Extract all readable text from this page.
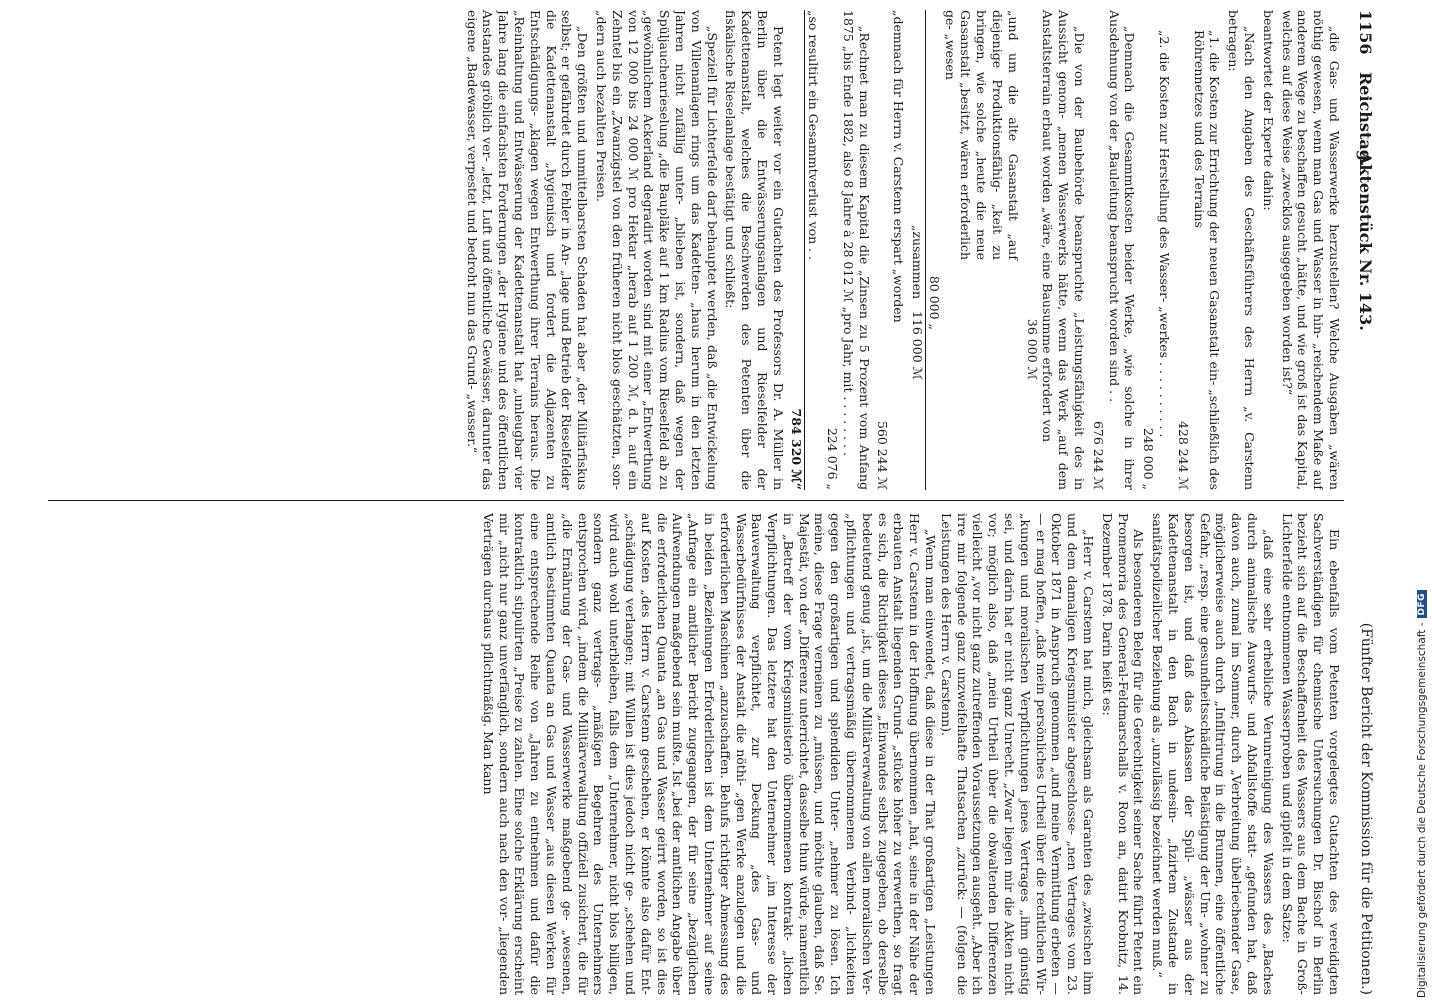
1156
Reichstag.
Aktenstück Nr. 143.
(Fünfter Bericht der Kommission für die Petitionen.)

„die Gas- und Wasserwerke herzustellen? Welche Ausgaben „wären nöthig gewesen, wenn man Gas und Wasser in hin- „reichendem Maße auf anderem Wege zu beschaffen gesucht „hätte, und wie groß ist das Kapital, welches auf diese Weise „zwecklos ausgegeben worden ist?“

beantwortet der Experte dahin:

„Nach den Angaben des Geschäftsführers des Herrn „v. Carstenn betragen:

„1. die Kosten zur Errichtung der neuen Gasanstalt ein- „schließlich des Röhrennetzes und des Terrains

428 244 ℳ

„2. die Kosten zur Herstellung des Wasser- „werkes . . . . . . . . . .

248 000 „

„Demnach die Gesammtkosten beider Werke, „wie solche in ihrer Ausdehnung von der „Bauleitung beansprucht worden sind . .

676 244 ℳ

„Die von der Baubehörde beanspruchte „Leistungsfähigkeit des in Aussicht genom- „menen Wasserwerks hätte, wenn das Werk „auf dem Anstaltsterrain erbaut worden „wäre, eine Bausumme erfordert von

36 000 ℳ

„und um die alte Gasanstalt „auf diejenige Produktionsfähig- „keit zu bringen, wie solche „heute die neue Gasanstalt „besitzt, wären erforderlich ge- „wesen

80 000 „

„zusammen   116 000 ℳ

„demnach für Herrn v. Carstenn erspart „worden

560 244 ℳ

„Rechnet man zu diesem Kapital die „Zinsen zu 5 Prozent vom Anfang 1875 „bis Ende 1882, also 8 Jahre à 28 012 ℳ „pro Jahr, mit . . . . . . . .

224 076 „

„so resultirt ein Gesammtverlust von . .

784 320 ℳ“

Petent legt weiter vor ein Gutachten des Professors Dr. A. Müller in Berlin über die Entwässerungsanlagen und Rieselfelder der Kadettenanstalt, welches die Beschwerden des Petenten über die fiskalische Rieselanlage bestätigt und schließt:

„Speziell für Lichterfelde darf behauptet werden, daß „die Entwickelung von Villenanlagen rings um das Kadetten- „haus herum in den letzten Jahren nicht zufällig unter- „blieben ist, sondern, daß wegen der Spüljauchenrieselung „die Baupläke auf 1 km Radius vom Rieselfeld ab zu „gewöhnlichem Ackerland degradirt worden sind mit einer „Entwerthung von 12 000 bis 24 000 ℳ pro Hektar „herab auf 1 200 ℳ, d. h. auf ein Zehntel bis ein „Zwanzigstel von den früheren nicht blos geschätzten, son- „dern auch bezahlten Preisen.

„Den größten und unmittelbarsten Schaden hat aber „der Militärfiskus selbst; er gefährdet durch Fehler in An- „lage und Betrieb der Rieselfelder die Kadettenanstalt „hygienisch und fordert die Adjazenten zu Entschädigungs- „klagen wegen Entwerthung ihrer Terrains heraus. Die „Reinhaltung und Entwässerung der Kadettenanstalt hat „unleugbar vier Jahre lang die einfachsten Forderungen „der Hygiene und des öffentlichen Anstandes gröblich ver- „letzt, Luft und öffentliche Gewässer, darunter das eigene „Badewasser, verpestet und bedroht nun das Grund- „wasser.“

Ein ebenfalls vom Petenten vorgelegtes Gutachten des vereidigten Sachverständigen für chemische Untersuchungen Dr. Bischof in Berlin bezieht sich auf die Beschaffenheit des Wassers aus dem Bache in Groß-Lichterfelde entnommenen Wasserproben und gipfelt in dem Satze:

„daß eine sehr erhebliche Verunreinigung des Wassers des „Baches durch animalische Auswurfs- und Abfallstoffe statt- „gefunden hat, daß davon auch, zumal im Sommer, durch „Verbreitung übelriechender Gase, möglicherweise auch durch „Infiltrirung in die Brunnen, eine öffentliche Gefahr, „resp. eine gesundheitsschädliche Belästigung der Um- „wohner zu besorgen ist, und daß das Ablassen der Spül- „wässer aus der Kadettenanstalt in den Bach in undesin- „fizirtem Zustande in sanitätspolizeilicher Beziehung als „unzulässig bezeichnet werden muß.“

Als besonderen Beleg für die Gerechtigkeit seiner Sache führt Petent ein Promemoria des General-Feldmarschalls v. Roon an, datirt Krobnitz, 14. Dezember 1878. Darin heißt es:

„Herr v. Carstenn hat mich, gleichsam als Garanten des „zwischen ihm und dem damaligen Kriegsminister abgeschlosse- „nen Vertrages vom 23. Oktober 1871 in Anspruch genommen „und meine Vermittlung erbeten — — er mag hoffen, „daß mein persönliches Urtheil über die rechtlichen Wir- „kungen und moralischen Verpflichtungen jenes Vertrages „ihm günstig sei, und darin hat er nicht ganz Unrecht. „Zwar liegen mir die Akten nicht vor; möglich also, daß „mein Urtheil über die obwaltenden Differenzen vielleicht „vor nicht ganz zutreffenden Voraussetzungen ausgeht. „Aber ich irre mir folgende ganz unzweifelhafte Thatsachen „zurück: — (folgen die Leistungen des Herrn v. Carstenn).

„Wenn man einwendet, daß diese in der That großartigen „Leistungen Herr v. Carstenn in der Hoffnung übernommen „hat, seine in der Nähe der erbauten Anstalt liegenden Grund- „stücke höher zu verwerthen, so fragt es sich, die Richtigkeit dieses „Einwandes selbst zugegeben, ob derselbe bedeutend genug „ist, um die Militärverwaltung von allen moralischen Ver- „pflichtungen und vertragsmäßig übernommenen Verbind- „lichkeiten gegen den großartigen und splendiden Unter- „nehmer zu lösen. Ich meine, diese Frage verneinen zu „müssen, und möchte glauben, daß Se. Majestät, von der „Differenz unterrichtet, dasselbe thun würde, namentlich in „Betreff der vom Kriegsministerio übernommenen kontrakt- „lichen Verpflichtungen. Das letztere hat den Unternehmer „im Interesse der Bauverwaltung verpflichtet, zur Deckung „des Gas- und Wasserbedürfnisses der Anstalt die nöthi- „gen Werke anzulegen und die erforderlichen Maschinen „anzuschaffen. Behufs richtiger Abmessung des in beiden „Beziehungen Erforderlichen ist dem Unternehmer auf seine „Anfrage ein amtlicher Bericht zugegangen, der für seine „bezüglichen Aufwendungen maßgebend sein mußte. Ist „bei der amtlichen Angabe über die erforderlichen Quanta „an Gas und Wasser geirrt worden, so ist dies auf Kosten „des Herrn v. Carstenn geschehen, er könnte also dafür Ent- „schädigung verlangen; mit Willen ist dies jedoch nicht ge- „schehen und wird auch wohl unterbleiben, falls dem „Unternehmer, nicht blos billigen, sondern ganz vertrags- „mäßigen Begehren des Unternehmers entsprochen wird, „indem die Militärverwaltung offiziell zusichert, die für „die Ernährung der Gas- und Wasserwerke maßgebend ge- „wesenen, amtlich bestimmten Quanta an Gas und Wasser „aus diesen Werken für eine entsprechende Reihe von „Jahren zu entnehmen und dafür die kontraktlich stipulirten „Preise zu zahlen. Eine solche Erklärung erscheint mir „nicht nur ganz unverfänglich, sondern auch nach den vor- „liegenden Verträgen durchaus pflichtmäßig. Man kann	Digitalisierung gefördert durch die Deutsche Forschungsgemeinschaft -
DFG
